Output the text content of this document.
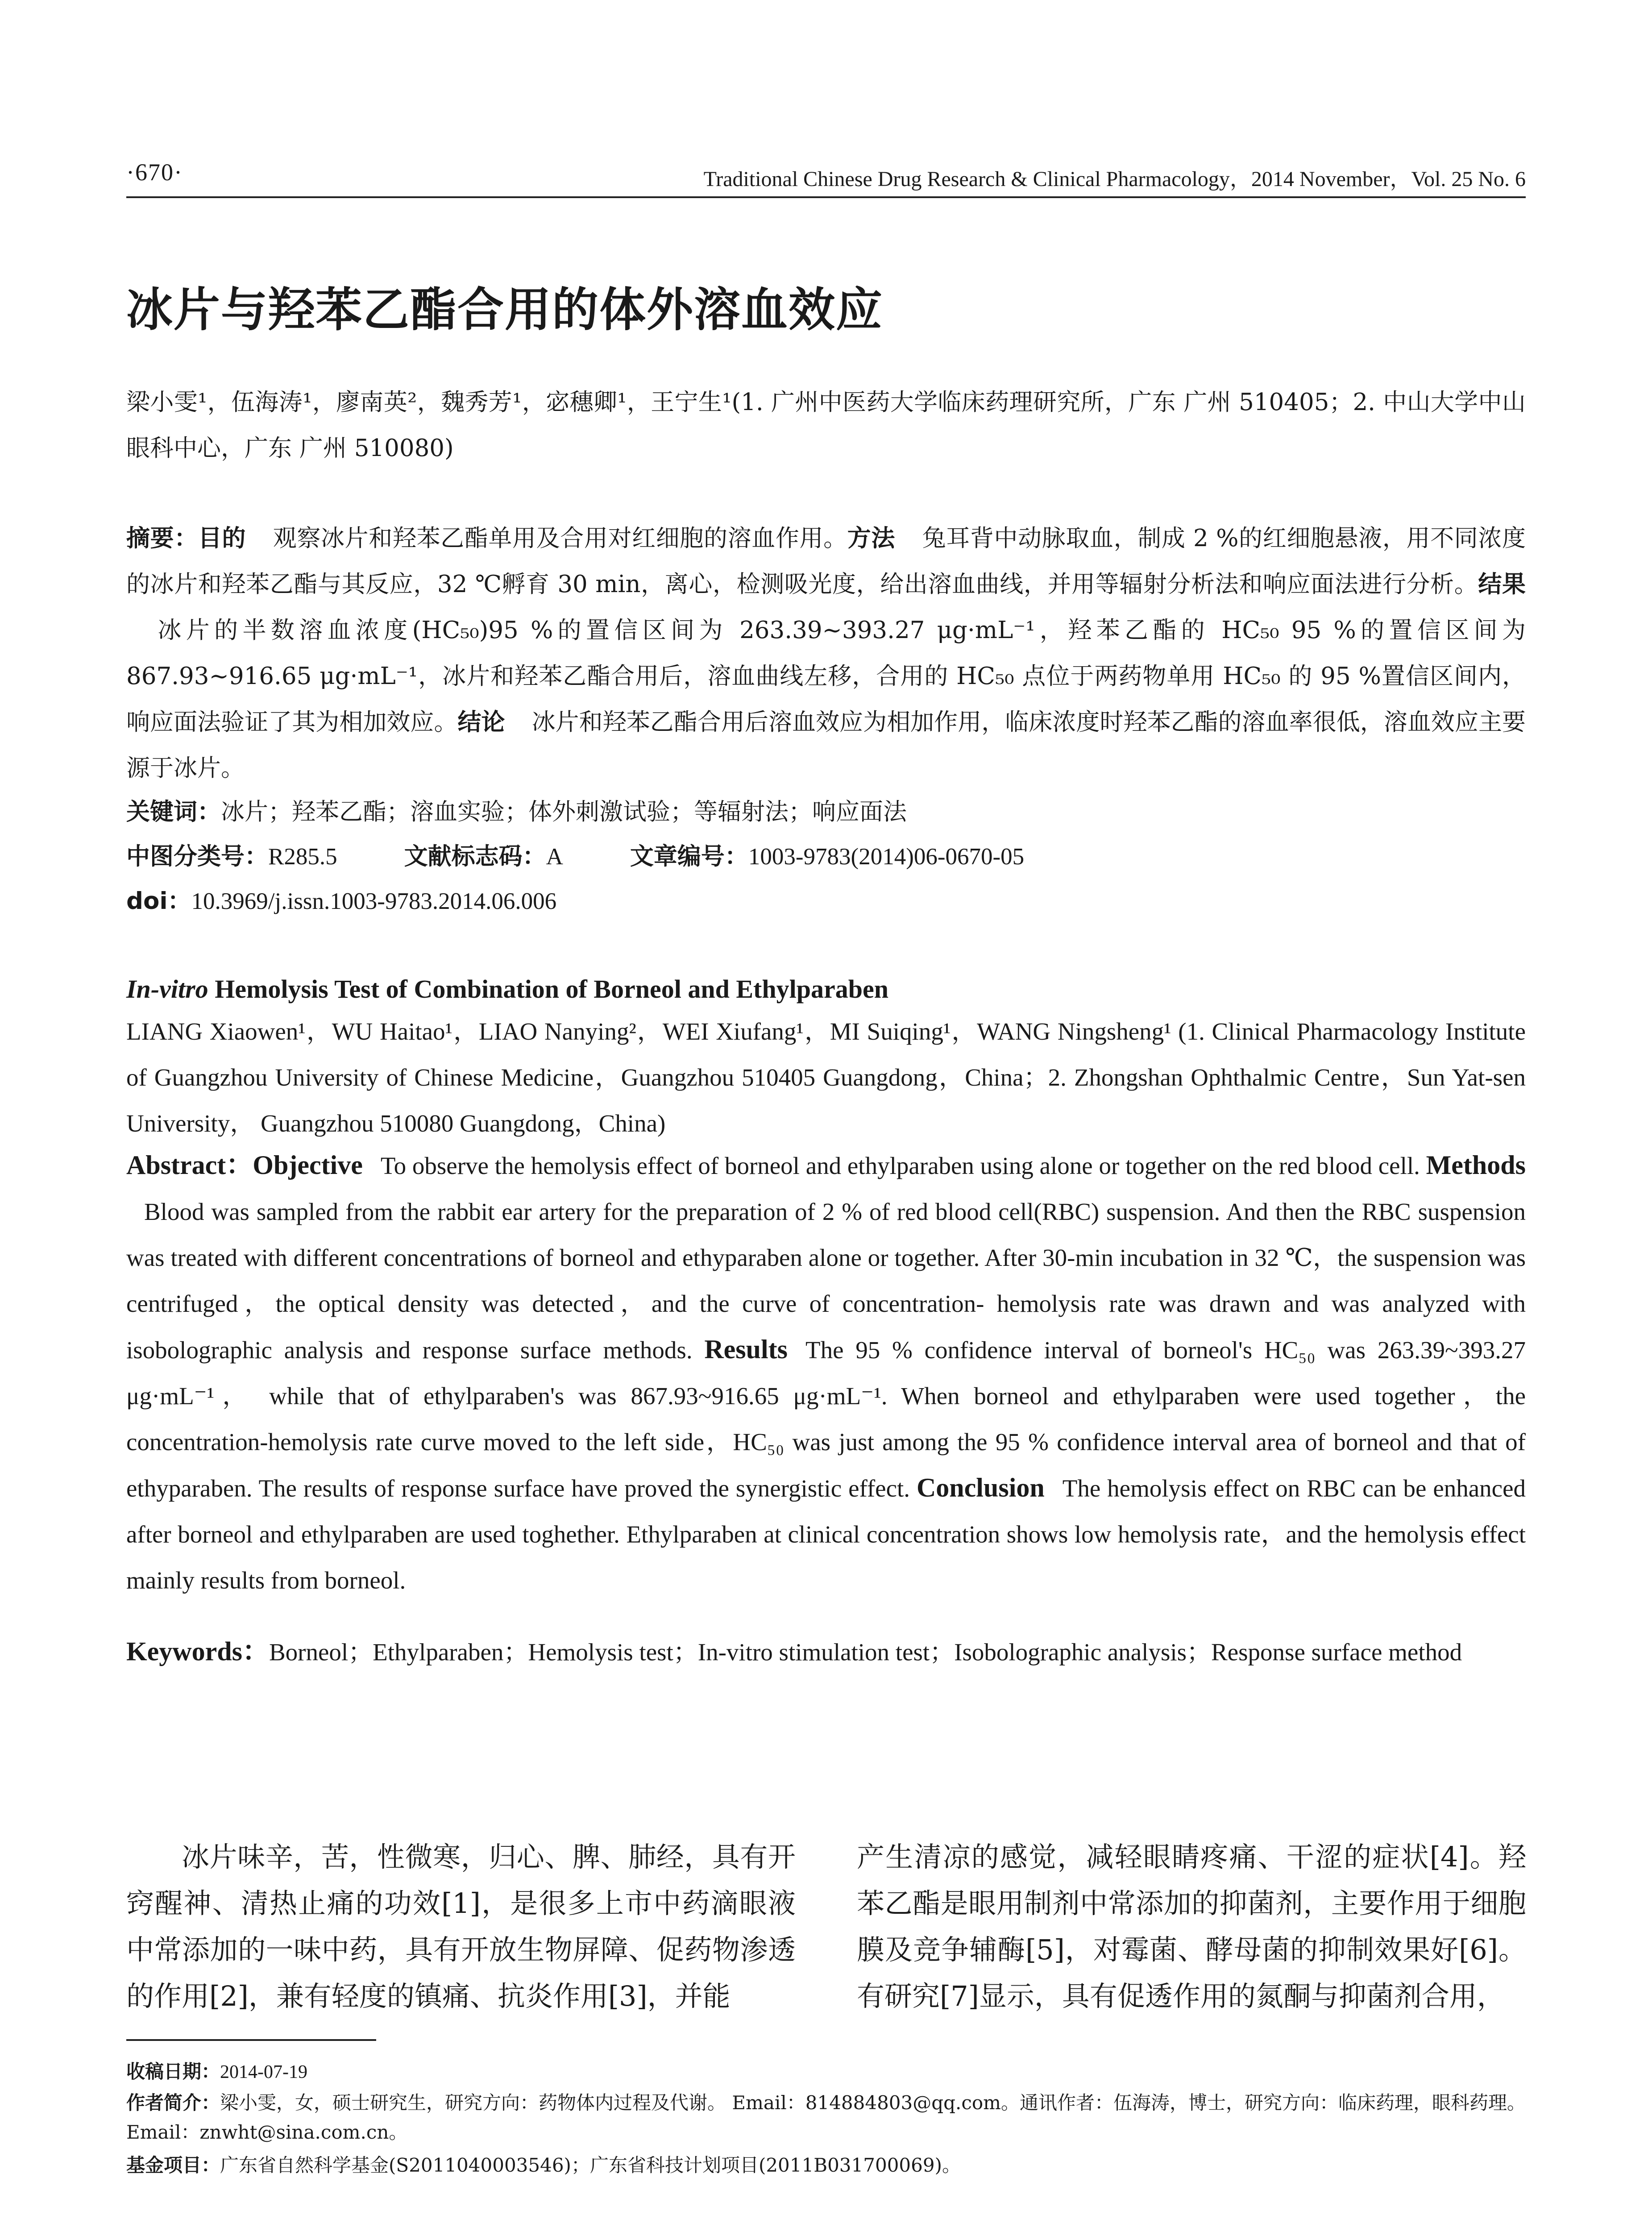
·670·	Traditional Chinese Drug Research & Clinical Pharmacology，2014 November，Vol. 25 No. 6
冰片与羟苯乙酯合用的体外溶血效应
梁小雯¹，伍海涛¹，廖南英²，魏秀芳¹，宓穗卿¹，王宁生¹(1. 广州中医药大学临床药理研究所，广东 广州 510405；2. 中山大学中山眼科中心，广东 广州 510080)
摘要：目的 观察冰片和羟苯乙酯单用及合用对红细胞的溶血作用。方法 兔耳背中动脉取血，制成 2 %的红细胞悬液，用不同浓度的冰片和羟苯乙酯与其反应，32 ℃孵育 30 min，离心，检测吸光度，给出溶血曲线，并用等辐射分析法和响应面法进行分析。结果冰片的半数溶血浓度(HC₅₀)95 %的置信区间为 263.39~393.27 μg·mL⁻¹，羟苯乙酯的 HC₅₀ 95 %的置信区间为 867.93~916.65 μg·mL⁻¹，冰片和羟苯乙酯合用后，溶血曲线左移，合用的 HC₅₀ 点位于两药物单用 HC₅₀ 的 95 %置信区间内，响应面法验证了其为相加效应。结论 冰片和羟苯乙酯合用后溶血效应为相加作用，临床浓度时羟苯乙酯的溶血率很低，溶血效应主要源于冰片。
关键词：冰片；羟苯乙酯；溶血实验；体外刺激试验；等辐射法；响应面法
中图分类号：R285.5	文献标志码：A	文章编号：1003-9783(2014)06-0670-05
doi：10.3969/j.issn.1003-9783.2014.06.006
In-vitro Hemolysis Test of Combination of Borneol and Ethylparaben
LIANG Xiaowen¹，WU Haitao¹，LIAO Nanying²，WEI Xiufang¹，MI Suiqing¹，WANG Ningsheng¹ (1. Clinical Pharmacology Institute of Guangzhou University of Chinese Medicine，Guangzhou 510405 Guangdong，China；2. Zhongshan Ophthalmic Centre，Sun Yat-sen University， Guangzhou 510080 Guangdong，China)
Abstract：Objective To observe the hemolysis effect of borneol and ethylparaben using alone or together on the red blood cell. MethodsBlood was sampled from the rabbit ear artery for the preparation of 2 % of red blood cell(RBC) suspension. And then the RBC suspension was treated with different concentrations of borneol and ethyparaben alone or together. After 30-min incubation in 32 ℃，the suspension was centrifuged，the optical density was detected，and the curve of concentration- hemolysis rate was drawn and was analyzed with isobolographic analysis and response surface methods. Results The 95 % confidence interval of borneol's HC₅₀ was 263.39~393.27 μg·mL⁻¹， while that of ethylparaben's was 867.93~916.65 μg·mL⁻¹. When borneol and ethylparaben were used together，the concentration-hemolysis rate curve moved to the left side，HC₅₀ was just among the 95 % confidence interval area of borneol and that of ethyparaben. The results of response surface have proved the synergistic effect. Conclusion The hemolysis effect on RBC can be enhanced after borneol and ethylparaben are used toghether. Ethylparaben at clinical concentration shows low hemolysis rate，and the hemolysis effect mainly results from borneol.
Keywords：Borneol；Ethylparaben；Hemolysis test；In-vitro stimulation test；Isobolographic analysis；Response surface method
冰片味辛，苦，性微寒，归心、脾、肺经，具有开窍醒神、清热止痛的功效[1]，是很多上市中药滴眼液中常添加的一味中药，具有开放生物屏障、促药物渗透的作用[2]，兼有轻度的镇痛、抗炎作用[3]，并能
产生清凉的感觉，减轻眼睛疼痛、干涩的症状[4]。羟苯乙酯是眼用制剂中常添加的抑菌剂，主要作用于细胞膜及竞争辅酶[5]，对霉菌、酵母菌的抑制效果好[6]。有研究[7]显示，具有促透作用的氮酮与抑菌剂合用，
收稿日期：2014-07-19
作者简介：梁小雯，女，硕士研究生，研究方向：药物体内过程及代谢。 Email：814884803@qq.com。通讯作者：伍海涛，博士，研究方向：临床药理，眼科药理。Email：znwht@sina.com.cn。
基金项目：广东省自然科学基金(S2011040003546)；广东省科技计划项目(2011B031700069)。
